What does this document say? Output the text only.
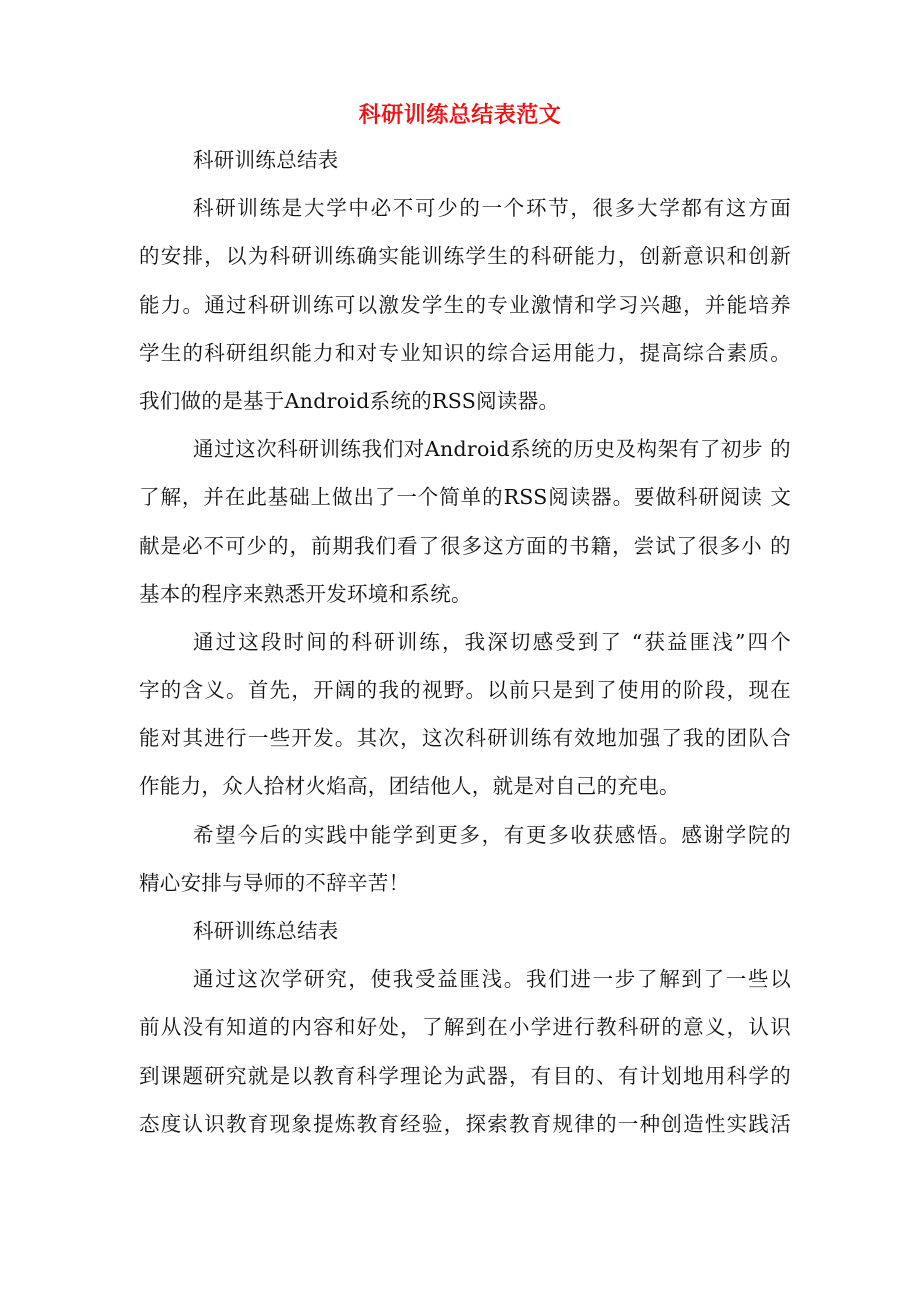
科研训练总结表范文
科研训练总结表
科研训练是大学中必不可少的一个环节，很多大学都有这方面
的安排，以为科研训练确实能训练学生的科研能力，创新意识和创新
能力。通过科研训练可以激发学生的专业激情和学习兴趣，并能培养
学生的科研组织能力和对专业知识的综合运用能力，提高综合素质。
我们做的是基于Android系统的RSS阅读器。
通过这次科研训练我们对Android系统的历史及构架有了初步 的
了解，并在此基础上做出了一个简单的RSS阅读器。要做科研阅读 文
献是必不可少的，前期我们看了很多这方面的书籍，尝试了很多小 的
基本的程序来熟悉开发环境和系统。
通过这段时间的科研训练，我深切感受到了 “获益匪浅”四个
字的含义。首先，开阔的我的视野。以前只是到了使用的阶段，现在
能对其进行一些开发。其次，这次科研训练有效地加强了我的团队合
作能力，众人拾材火焰高，团结他人，就是对自己的充电。
希望今后的实践中能学到更多，有更多收获感悟。感谢学院的
精心安排与导师的不辞辛苦！
科研训练总结表
通过这次学研究，使我受益匪浅。我们进一步了解到了一些以
前从没有知道的内容和好处，了解到在小学进行教科研的意义，认识
到课题研究就是以教育科学理论为武器，有目的、有计划地用科学的
态度认识教育现象提炼教育经验，探索教育规律的一种创造性实践活
